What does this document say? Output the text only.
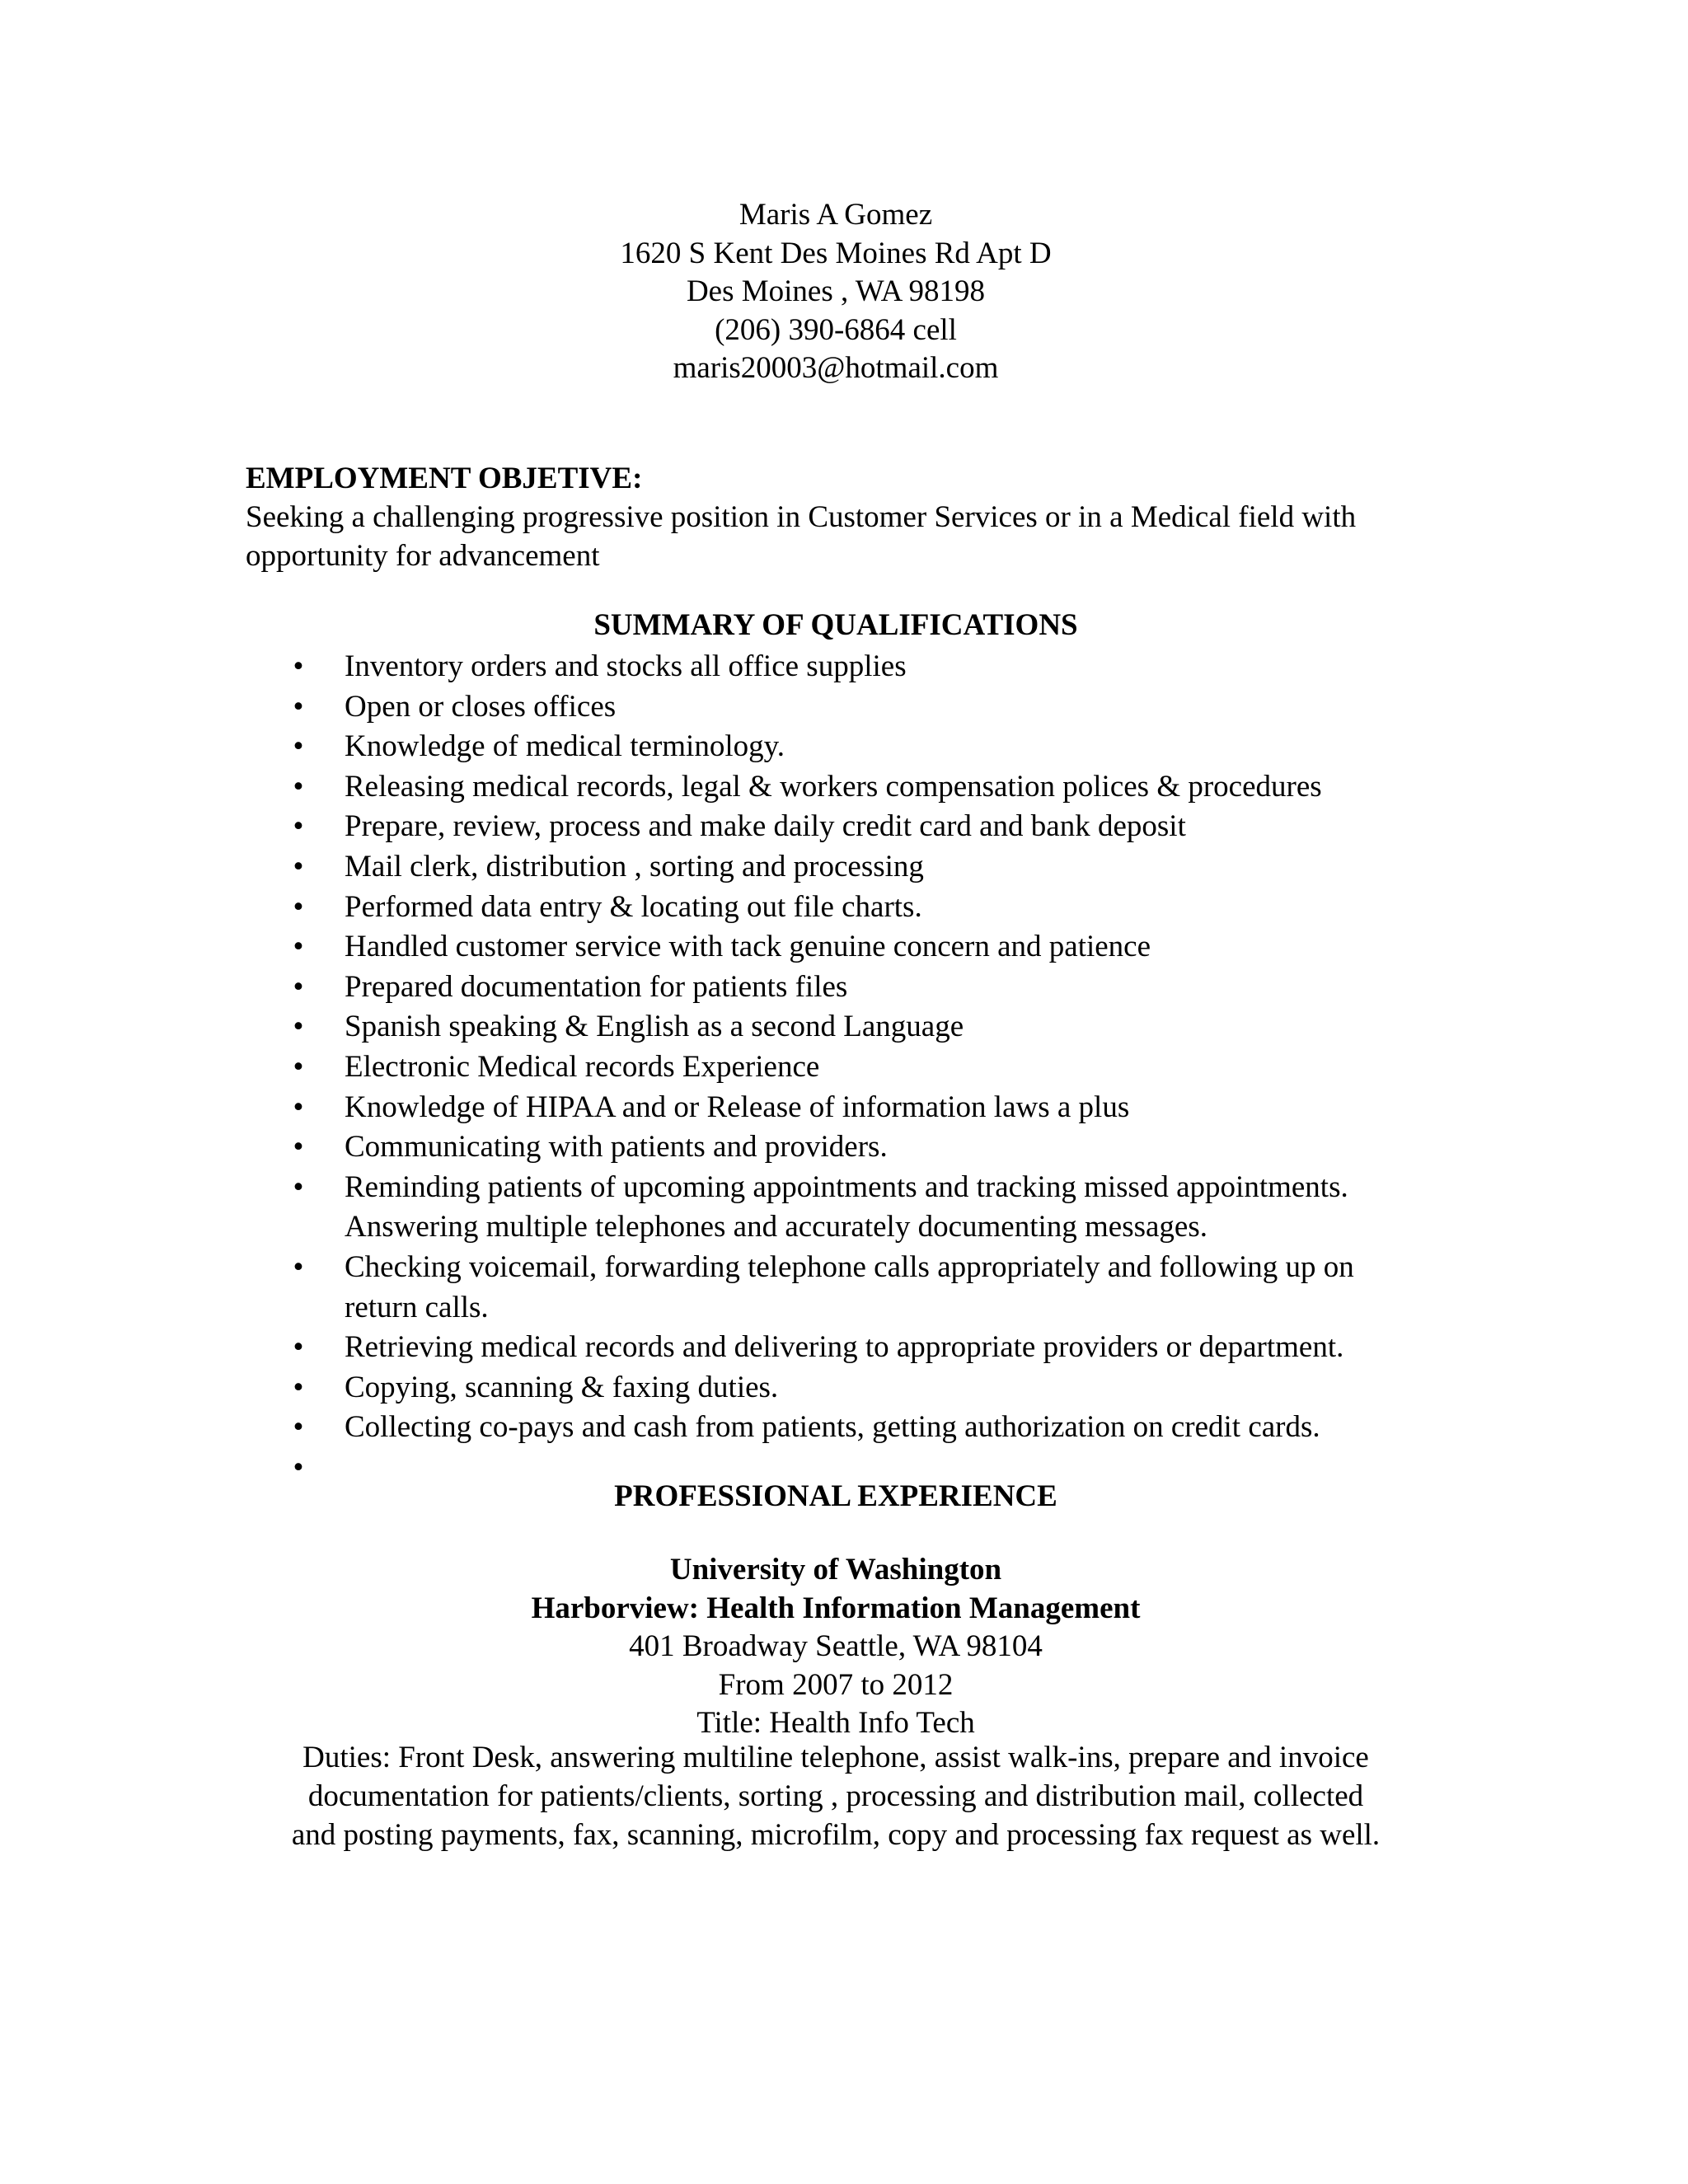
Maris A Gomez
1620 S Kent Des Moines Rd Apt D
Des Moines , WA 98198
(206) 390-6864 cell
maris20003@hotmail.com
EMPLOYMENT OBJETIVE:
Seeking a challenging progressive position in Customer Services or in a Medical field with opportunity for advancement
SUMMARY OF QUALIFICATIONS
• Inventory orders and stocks all office supplies
• Open or closes offices
• Knowledge of medical terminology.
• Releasing medical records, legal & workers compensation polices & procedures
• Prepare, review, process and make daily credit card and bank deposit
• Mail clerk, distribution , sorting and processing
• Performed data entry & locating out file charts.
• Handled customer service with tack genuine concern and patience
• Prepared documentation for patients files
• Spanish speaking & English as a second Language
• Electronic Medical records Experience
• Knowledge of HIPAA and or Release of information laws a plus
• Communicating with patients and providers.
• Reminding patients of upcoming appointments and tracking missed appointments.
Answering multiple telephones and accurately documenting messages.
• Checking voicemail, forwarding telephone calls appropriately and following up on
return calls.
• Retrieving medical records and delivering to appropriate providers or department.
• Copying, scanning & faxing duties.
• Collecting co-pays and cash from patients, getting authorization on credit cards.
•
PROFESSIONAL EXPERIENCE
University of Washington
Harborview: Health Information Management
401 Broadway Seattle, WA 98104
From 2007 to 2012
Title: Health Info Tech
Duties: Front Desk, answering multiline telephone, assist walk-ins, prepare and invoice
documentation for patients/clients, sorting , processing and distribution mail, collected
and posting payments, fax, scanning, microfilm, copy and processing fax request as well.
